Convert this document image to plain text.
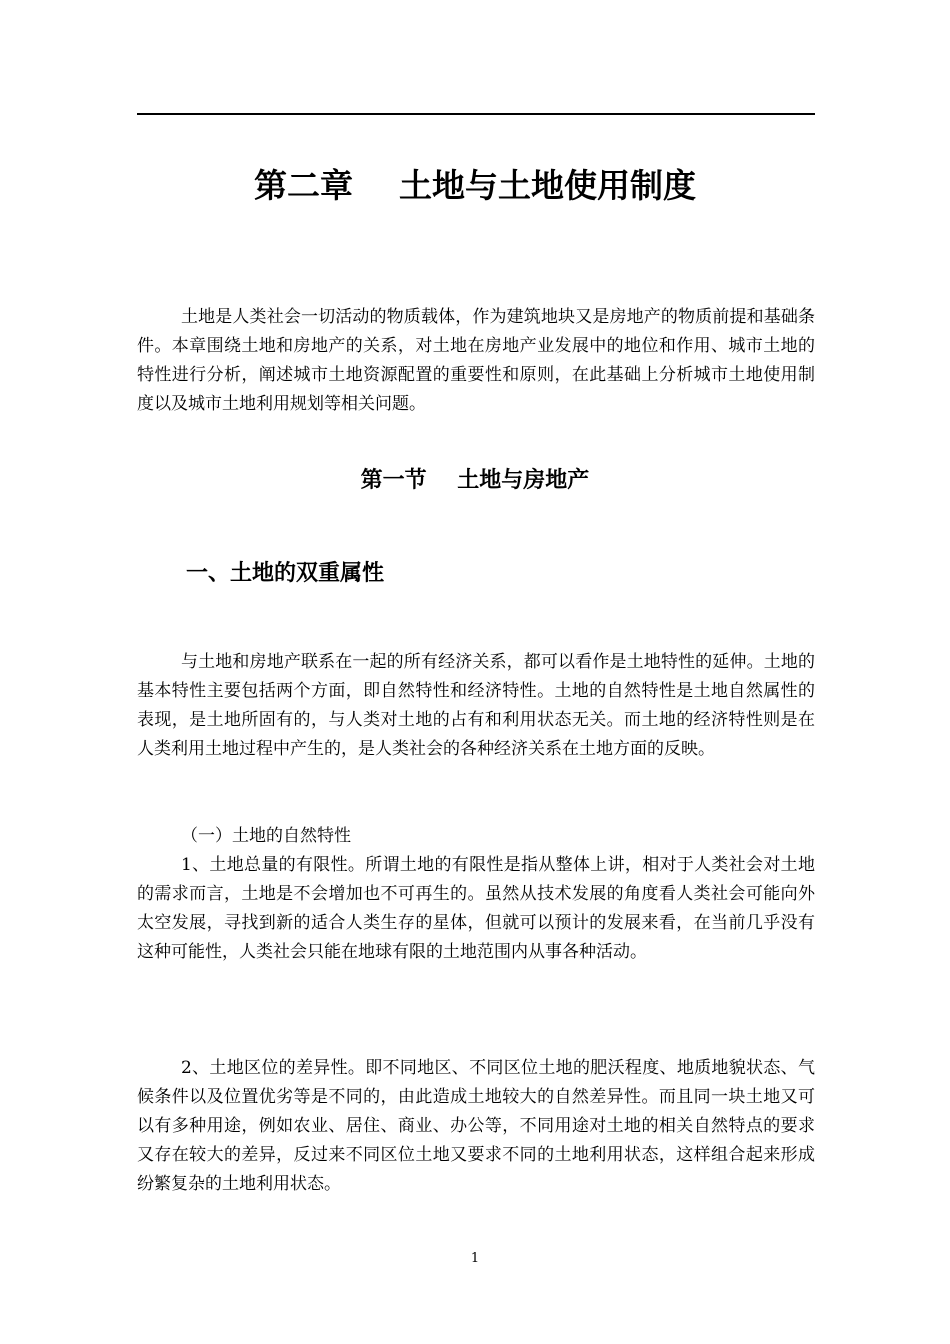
第二章    土地与土地使用制度

土地是人类社会一切活动的物质载体，作为建筑地块又是房地产的物质前提和基础条件。本章围绕土地和房地产的关系，对土地在房地产业发展中的地位和作用、城市土地的特性进行分析，阐述城市土地资源配置的重要性和原则，在此基础上分析城市土地使用制度以及城市土地利用规划等相关问题。

第一节    土地与房地产
一、土地的双重属性

与土地和房地产联系在一起的所有经济关系，都可以看作是土地特性的延伸。土地的基本特性主要包括两个方面，即自然特性和经济特性。土地的自然特性是土地自然属性的表现，是土地所固有的，与人类对土地的占有和利用状态无关。而土地的经济特性则是在人类利用土地过程中产生的，是人类社会的各种经济关系在土地方面的反映。

（一）土地的自然特性

1、土地总量的有限性。所谓土地的有限性是指从整体上讲，相对于人类社会对土地的需求而言，土地是不会增加也不可再生的。虽然从技术发展的角度看人类社会可能向外太空发展，寻找到新的适合人类生存的星体，但就可以预计的发展来看，在当前几乎没有这种可能性，人类社会只能在地球有限的土地范围内从事各种活动。

2、土地区位的差异性。即不同地区、不同区位土地的肥沃程度、地质地貌状态、气候条件以及位置优劣等是不同的，由此造成土地较大的自然差异性。而且同一块土地又可以有多种用途，例如农业、居住、商业、办公等，不同用途对土地的相关自然特点的要求又存在较大的差异，反过来不同区位土地又要求不同的土地利用状态，这样组合起来形成纷繁复杂的土地利用状态。

1
